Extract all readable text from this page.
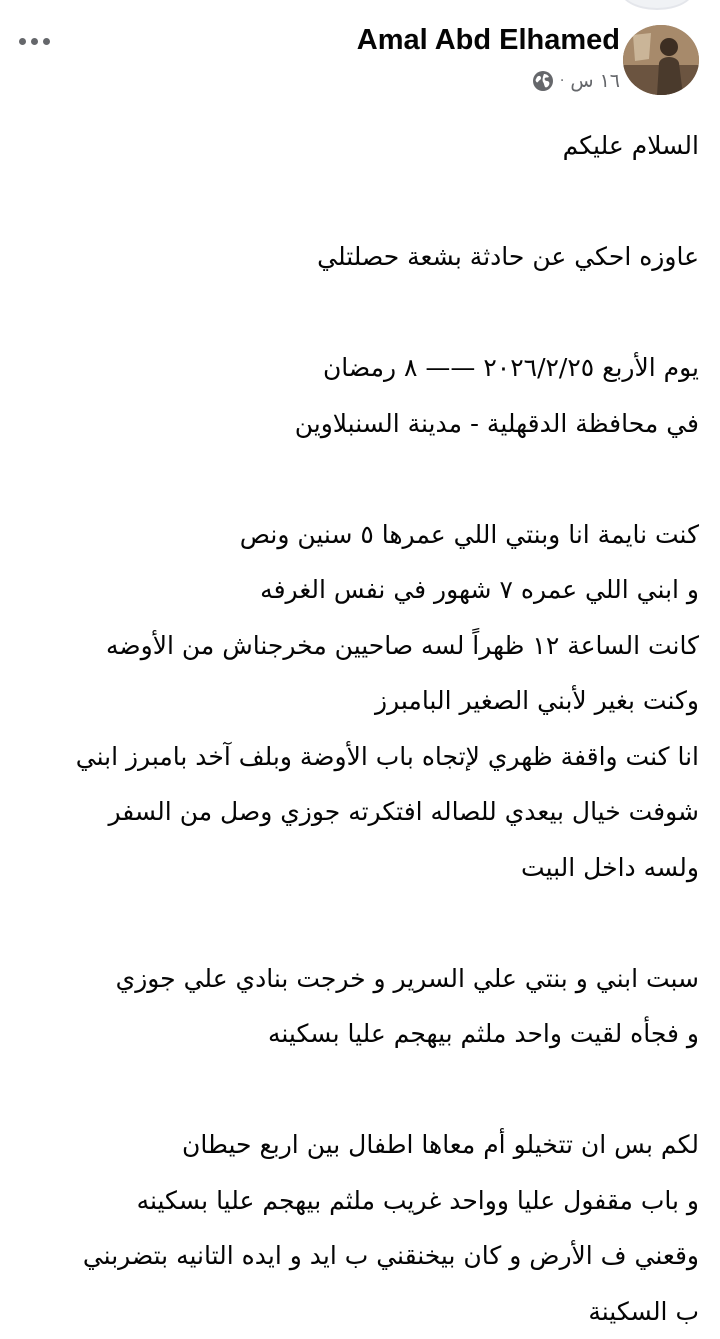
Amal Abd Elhamed
١٦ س
·
السلام عليكم
عاوزه احكي عن حادثة بشعة حصلتلي
يوم الأربع ٢٠٢٦/٢/٢٥ —— ٨ رمضان
في محافظة الدقهلية - مدينة السنبلاوين
كنت نايمة انا وبنتي اللي عمرها ٥ سنين ونص
و ابني اللي عمره ٧ شهور في نفس الغرفه
كانت الساعة ١٢ ظهراً لسه صاحيين مخرجناش من الأوضه
وكنت بغير لأبني الصغير البامبرز
انا كنت واقفة ظهري لإتجاه باب الأوضة وبلف آخد بامبرز ابني
شوفت خيال بيعدي للصاله افتكرته جوزي وصل من السفر
ولسه داخل البيت
سبت ابني و بنتي علي السرير و خرجت بنادي علي جوزي
و فجأه لقيت واحد ملثم بيهجم عليا بسكينه
لكم بس ان تتخيلو أم معاها اطفال بين اربع حيطان
و باب مقفول عليا وواحد غريب ملثم بيهجم عليا بسكينه
وقعني ف الأرض و كان بيخنقني ب ايد و ايده التانيه بتضربني
ب السكينة
